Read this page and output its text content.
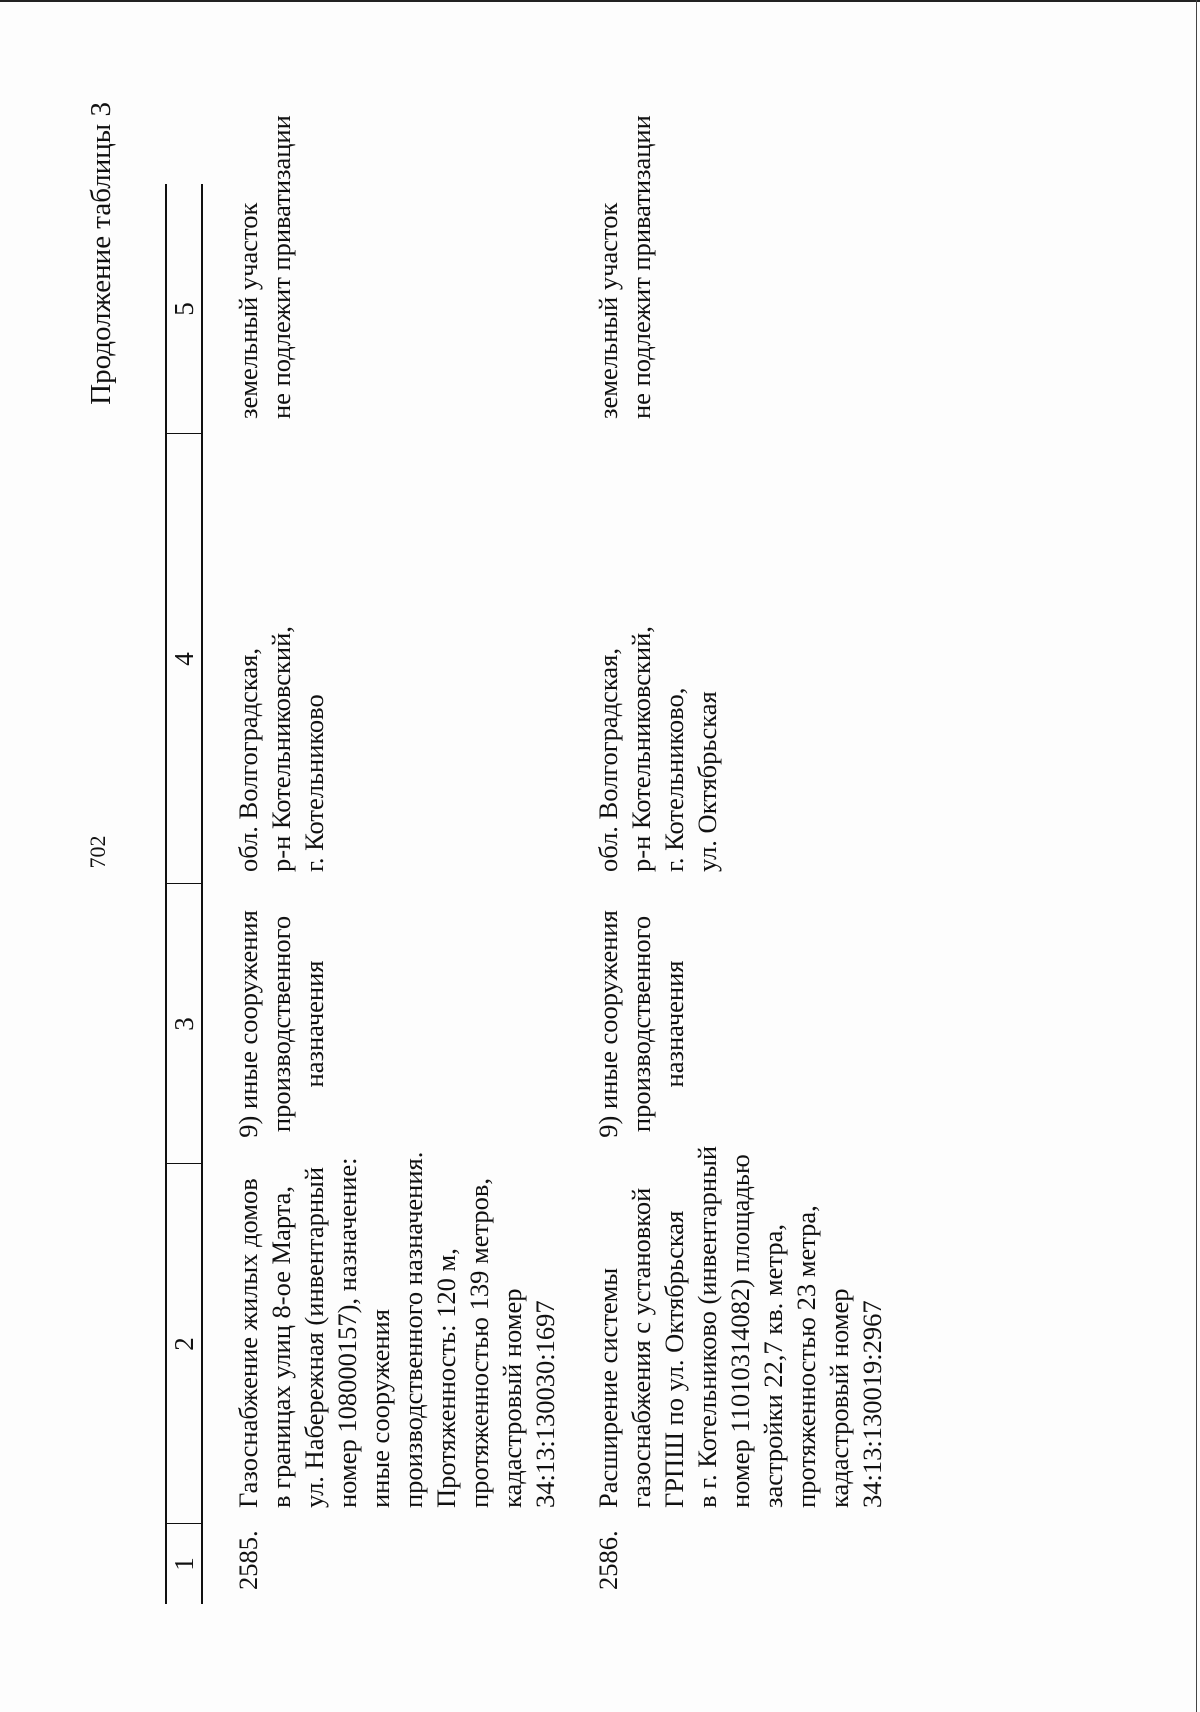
Продолжение таблицы 3
702
1
2
3
4
5
2585.
Газоснабжение жилых домов в границах улиц 8-ое Марта, ул. Набережная (инвентарный номер 108000157), назначение: иные сооружения производственного назначения. Протяженность: 120 м, протяженностью 139 метров, кадастровый номер 34:13:130030:1697
9) иные сооружения производственного назначения
обл. Волгоградская, р-н Котельниковский, г. Котельниково
земельный участок не подлежит приватизации
2586.
Расширение системы газоснабжения с установкой ГРПШ по ул. Октябрьская в г. Котельниково (инвентарный номер 11010314082) площадью застройки 22,7 кв. метра, протяженностью 23 метра, кадастровый номер 34:13:130019:2967
9) иные сооружения производственного назначения
обл. Волгоградская, р-н Котельниковский, г. Котельниково, ул. Октябрьская
земельный участок не подлежит приватизации
